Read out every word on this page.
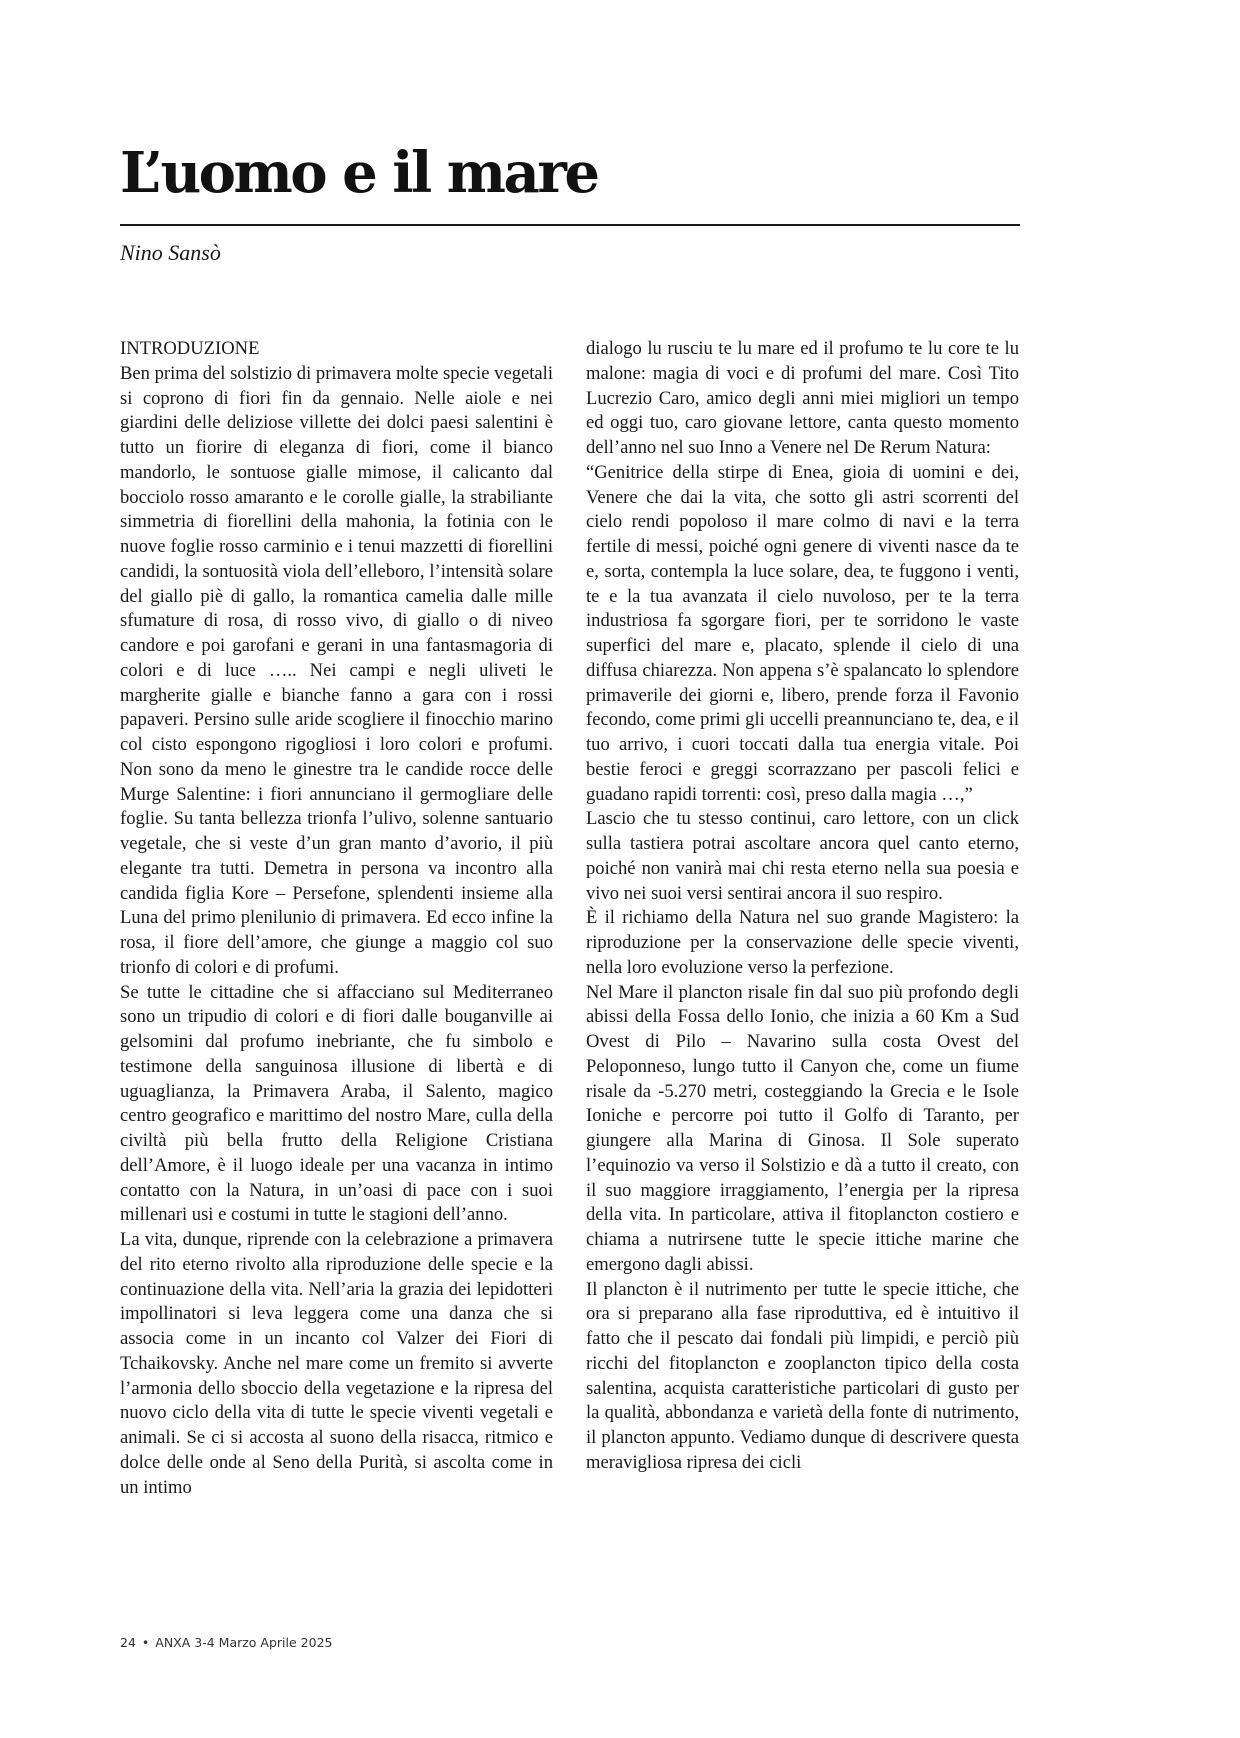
L’uomo e il mare

Nino Sansò

INTRODUZIONE

Ben prima del solstizio di primavera molte specie vegetali si coprono di fiori fin da gennaio. Nelle aiole e nei giardini delle deliziose villette dei dolci paesi salentini è tutto un fiorire di eleganza di fiori, come il bianco mandorlo, le sontuose gialle mimose, il calicanto dal bocciolo rosso amaranto e le corolle gialle, la strabiliante simmetria di fiorellini della mahonia, la fotinia con le nuove foglie rosso carminio e i tenui mazzetti di fiorellini candidi, la sontuosità viola dell’elleboro, l’intensità solare del giallo piè di gallo, la romantica camelia dalle mille sfumature di rosa, di rosso vivo, di giallo o di niveo candore e poi garofani e gerani in una fantasmagoria di colori e di luce ….. Nei campi e negli uliveti le margherite gialle e bianche fanno a gara con i rossi papaveri. Persino sulle aride scogliere il finocchio marino col cisto espongono rigogliosi i loro colori e profumi. Non sono da meno le ginestre tra le candide rocce delle Murge Salentine: i fiori annunciano il germogliare delle foglie. Su tanta bellezza trionfa l’ulivo, solenne santuario vegetale, che si veste d’un gran manto d’avorio, il più elegante tra tutti. Demetra in persona va incontro alla candida figlia Kore – Persefone, splendenti insieme alla Luna del primo plenilunio di primavera. Ed ecco infine la rosa, il fiore dell’amore, che giunge a maggio col suo trionfo di colori e di profumi.

Se tutte le cittadine che si affacciano sul Mediterraneo sono un tripudio di colori e di fiori dalle bouganville ai gelsomini dal profumo inebriante, che fu simbolo e testimone della sanguinosa illusione di libertà e di uguaglianza, la Primavera Araba, il Salento, magico centro geografico e marittimo del nostro Mare, culla della civiltà più bella frutto della Religione Cristiana dell’Amore, è il luogo ideale per una vacanza in intimo contatto con la Natura, in un’oasi di pace con i suoi millenari usi e costumi in tutte le stagioni dell’anno.

La vita, dunque, riprende con la celebrazione a primavera del rito eterno rivolto alla riproduzione delle specie e la continuazione della vita. Nell’aria la grazia dei lepidotteri impollinatori si leva leggera come una danza che si associa come in un incanto col Valzer dei Fiori di Tchaikovsky. Anche nel mare come un fremito si avverte l’armonia dello sboccio della vegetazione e la ripresa del nuovo ciclo della vita di tutte le specie viventi vegetali e animali. Se ci si accosta al suono della risacca, ritmico e dolce delle onde al Seno della Purità, si ascolta come in un intimo

dialogo lu rusciu te lu mare ed il profumo te lu core te lu malone: magia di voci e di profumi del mare. Così Tito Lucrezio Caro, amico degli anni miei migliori un tempo ed oggi tuo, caro giovane lettore, canta questo momento dell’anno nel suo Inno a Venere nel De Rerum Natura:

“Genitrice della stirpe di Enea, gioia di uomini e dei, Venere che dai la vita, che sotto gli astri scorrenti del cielo rendi popoloso il mare colmo di navi e la terra fertile di messi, poiché ogni genere di viventi nasce da te e, sorta, contempla la luce solare, dea, te fuggono i venti, te e la tua avanzata il cielo nuvoloso, per te la terra industriosa fa sgorgare fiori, per te sorridono le vaste superfici del mare e, placato, splende il cielo di una diffusa chiarezza. Non appena s’è spalancato lo splendore primaverile dei giorni e, libero, prende forza il Favonio fecondo, come primi gli uccelli preannunciano te, dea, e il tuo arrivo, i cuori toccati dalla tua energia vitale. Poi bestie feroci e greggi scorrazzano per pascoli felici e guadano rapidi torrenti: così, preso dalla magia …,”

Lascio che tu stesso continui, caro lettore, con un click sulla tastiera potrai ascoltare ancora quel canto eterno, poiché non vanirà mai chi resta eterno nella sua poesia e vivo nei suoi versi sentirai ancora il suo respiro.

È il richiamo della Natura nel suo grande Magistero: la riproduzione per la conservazione delle specie viventi, nella loro evoluzione verso la perfezione.

Nel Mare il plancton risale fin dal suo più profondo degli abissi della Fossa dello Ionio, che inizia a 60 Km a Sud Ovest di Pilo – Navarino sulla costa Ovest del Peloponneso, lungo tutto il Canyon che, come un fiume risale da -5.270 metri, costeggiando la Grecia e le Isole Ioniche e percorre poi tutto il Golfo di Taranto, per giungere alla Marina di Ginosa. Il Sole superato l’equinozio va verso il Solstizio e dà a tutto il creato, con il suo maggiore irraggiamento, l’energia per la ripresa della vita. In particolare, attiva il fitoplancton costiero e chiama a nutrirsene tutte le specie ittiche marine che emergono dagli abissi.

Il plancton è il nutrimento per tutte le specie ittiche, che ora si preparano alla fase riproduttiva, ed è intuitivo il fatto che il pescato dai fondali più limpidi, e perciò più ricchi del fitoplancton e zooplancton tipico della costa salentina, acquista caratteristiche particolari di gusto per la qualità, abbondanza e varietà della fonte di nutrimento, il plancton appunto. Vediamo dunque di descrivere questa meravigliosa ripresa dei cicli

24 • ANXA 3-4 Marzo Aprile 2025
